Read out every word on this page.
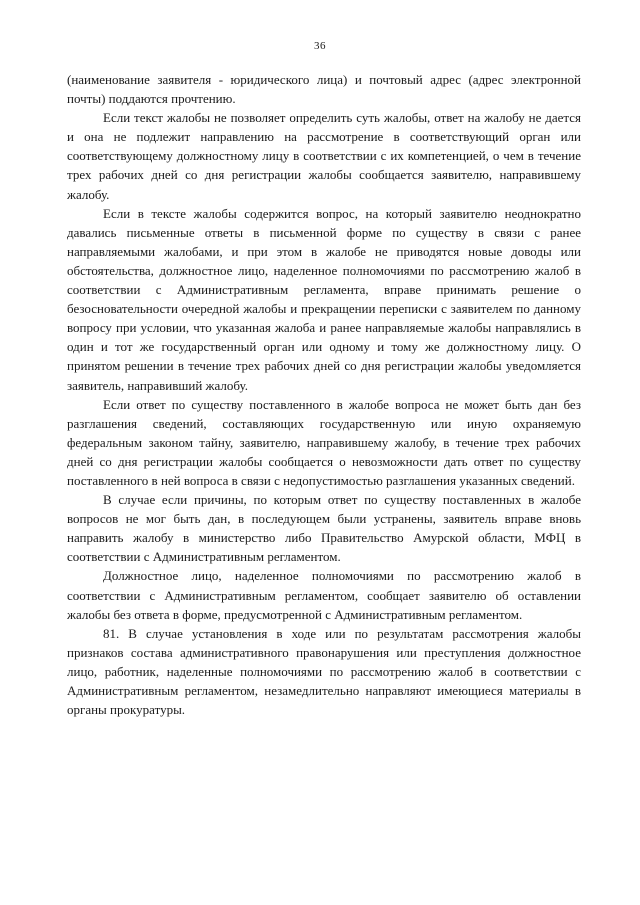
36

(наименование заявителя - юридического лица) и почтовый адрес (адрес электронной почты) поддаются прочтению.

Если текст жалобы не позволяет определить суть жалобы, ответ на жалобу не дается и она не подлежит направлению на рассмотрение в соответствующий орган или соответствующему должностному лицу в соответствии с их компетенцией, о чем в течение трех рабочих дней со дня регистрации жалобы сообщается заявителю, направившему жалобу.

Если в тексте жалобы содержится вопрос, на который заявителю неоднократно давались письменные ответы в письменной форме по существу в связи с ранее направляемыми жалобами, и при этом в жалобе не приводятся новые доводы или обстоятельства, должностное лицо, наделенное полномочиями по рассмотрению жалоб в соответствии с Административным регламента, вправе принимать решение о безосновательности очередной жалобы и прекращении переписки с заявителем по данному вопросу при условии, что указанная жалоба и ранее направляемые жалобы направлялись в один и тот же государственный орган или одному и тому же должностному лицу. О принятом решении в течение трех рабочих дней со дня регистрации жалобы уведомляется заявитель, направивший жалобу.

Если ответ по существу поставленного в жалобе вопроса не может быть дан без разглашения сведений, составляющих государственную или иную охраняемую федеральным законом тайну, заявителю, направившему жалобу, в течение трех рабочих дней со дня регистрации жалобы сообщается о невозможности дать ответ по существу поставленного в ней вопроса в связи с недопустимостью разглашения указанных сведений.

В случае если причины, по которым ответ по существу поставленных в жалобе вопросов не мог быть дан, в последующем были устранены, заявитель вправе вновь направить жалобу в министерство либо Правительство Амурской области, МФЦ в соответствии с Административным регламентом.

Должностное лицо, наделенное полномочиями по рассмотрению жалоб в соответствии с Административным регламентом, сообщает заявителю об оставлении жалобы без ответа в форме, предусмотренной с Административным регламентом.

81. В случае установления в ходе или по результатам рассмотрения жалобы признаков состава административного правонарушения или преступления должностное лицо, работник, наделенные полномочиями по рассмотрению жалоб в соответствии с Административным регламентом, незамедлительно направляют имеющиеся материалы в органы прокуратуры.
